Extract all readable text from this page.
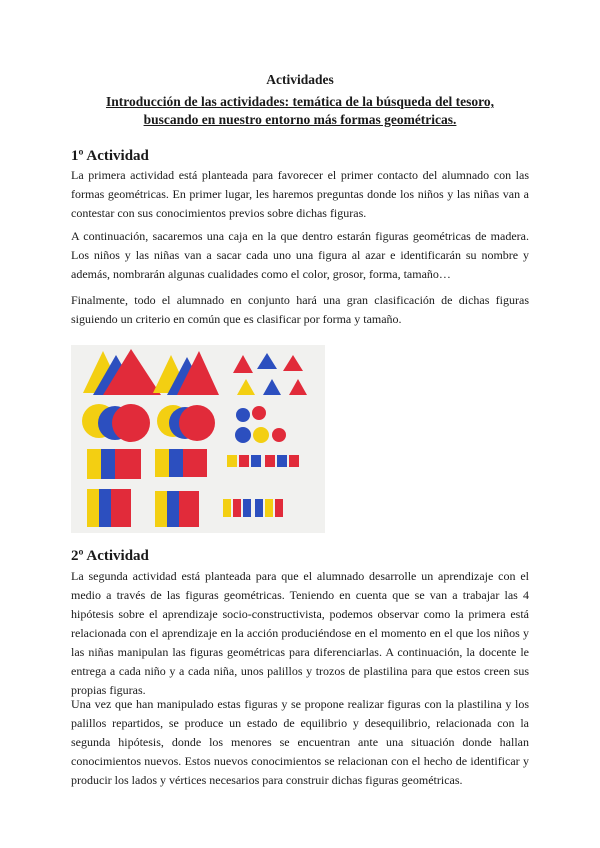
Actividades
Introducción de las actividades: temática de la búsqueda del tesoro,
buscando en nuestro entorno más formas geométricas.
1º Actividad

La primera actividad está planteada para favorecer el primer contacto del alumnado con las formas geométricas. En primer lugar, les haremos preguntas donde los niños y las niñas van a contestar con sus conocimientos previos sobre dichas figuras.

A continuación, sacaremos una caja en la que dentro estarán figuras geométricas de madera. Los niños y las niñas van a sacar cada uno una figura al azar e identificarán su nombre y además, nombrarán algunas cualidades como el color, grosor, forma, tamaño…

Finalmente, todo el alumnado en conjunto hará una gran clasificación de dichas figuras siguiendo un criterio en común que es clasificar por forma y tamaño.

2º Actividad

La segunda actividad está planteada para que el alumnado desarrolle un aprendizaje con el medio a través de las figuras geométricas. Teniendo en cuenta que se van a trabajar las 4 hipótesis sobre el aprendizaje socio-constructivista, podemos observar como la primera está relacionada con el aprendizaje en la acción produciéndose en el momento en el que los niños y las niñas manipulan las figuras geométricas para diferenciarlas. A continuación, la docente le entrega a cada niño y a cada niña, unos palillos y trozos de plastilina para que estos creen sus propias figuras.

Una vez que han manipulado estas figuras y se propone realizar figuras con la plastilina y los palillos repartidos, se produce un estado de equilibrio y desequilibrio, relacionada con la segunda hipótesis, donde los menores se encuentran ante una situación donde hallan conocimientos nuevos. Estos nuevos conocimientos se relacionan con el hecho de identificar y producir los lados y vértices necesarios para construir dichas figuras geométricas.
